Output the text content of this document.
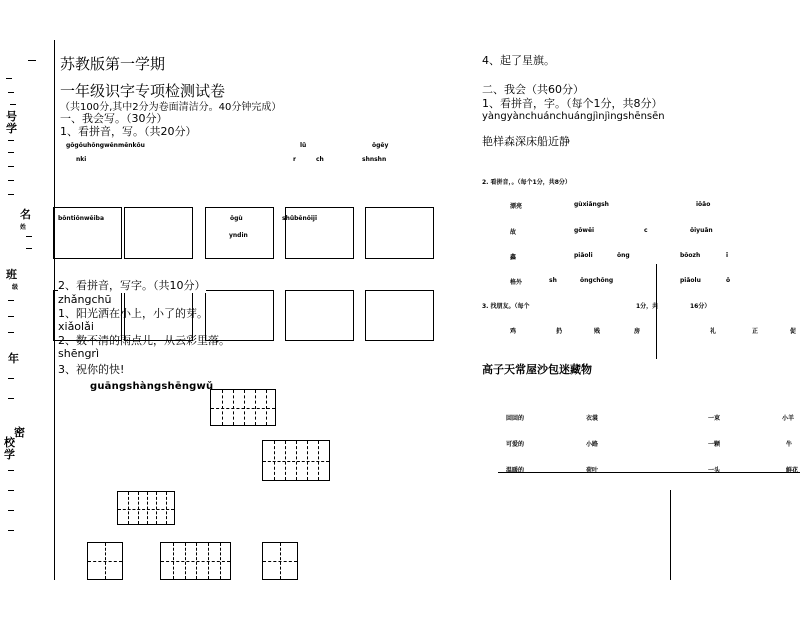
号
学
名
姓
班
级
年
密
校
学
苏教版第一学期
一年级识字专项检测试卷
（共100分,其中2分为卷面清洁分。40分钟完成）
一、我会写。（30分）
1、看拼音，写。（共20分）
gǒgǒuhǒngwěnměnkǒu	lǔ	ǒgěy
nki	r	ch	shnshn
bǒntiǒnwěiba	ǒgù	shǔběnǒijī
yndin
2、看拼音，写字。（共10分）
zhǎngchū
1、阳光洒在小上，小了的芽。
xiǎolǎi
2、数不清的雨点儿，从云彩里落。
shēngrì
3、祝你的快!
guāngshàngshēngwǔ
4、起了星旗。
二、我会（共60分）
1、看拼音，字。（每个1分，共8分）
yàngyànchuánchuángjìnjìngshēnsēn
艳样森深床船近静
2. 看拼音，。（每个1分，共8分）
漂亮	gùxiǎngsh	iǒǎo
故	gǒwěi	c	ǒiyuǎn
鑫	piǎoli	ǒng	bǒozh	ī
格外	sh	ǒngchǒng	piǎolu	ǒ
3. 找朋友。（每个	1分，共	16分）
鸡	扔	贱	房	礼	正	促
高子天常屋沙包迷藏物
回回的	衣裳	一束	小羊
可爱的	小路	一颗	牛
温暖的	荷叶	一头	鲜花
